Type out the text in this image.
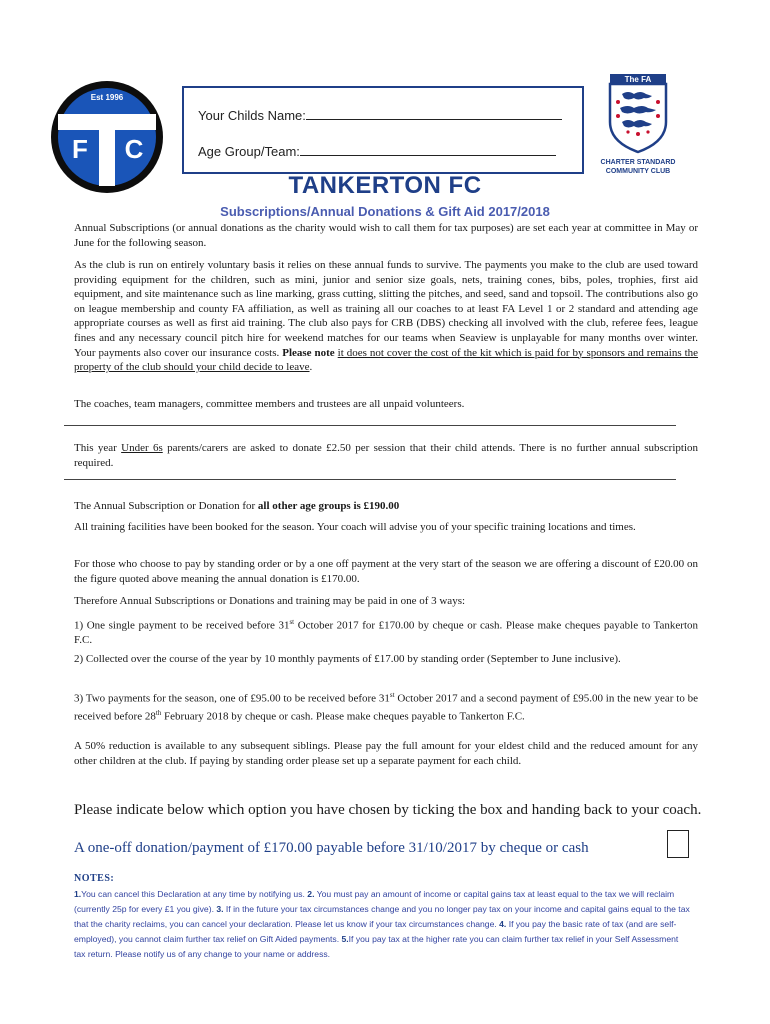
Est 1996
F C
Your Childs Name:
Age Group/Team:
The FA
CHARTER STANDARD
COMMUNITY CLUB
TANKERTON FC
Subscriptions/Annual Donations & Gift Aid 2017/2018
Annual Subscriptions (or annual donations as the charity would wish to call them for tax purposes) are set each year at committee in May or June for the following season.
As the club is run on entirely voluntary basis it relies on these annual funds to survive. The payments you make to the club are used toward providing equipment for the children, such as mini, junior and senior size goals, nets, training cones, bibs, poles, trophies, first aid equipment, and site maintenance such as line marking, grass cutting, slitting the pitches, and seed, sand and topsoil. The contributions also go on league membership and county FA affiliation, as well as training all our coaches to at least FA Level 1 or 2 standard and attending age appropriate courses as well as first aid training. The club also pays for CRB (DBS) checking all involved with the club, referee fees, league fines and any necessary council pitch hire for weekend matches for our teams when Seaview is unplayable for many months over winter. Your payments also cover our insurance costs. Please note it does not cover the cost of the kit which is paid for by sponsors and remains the property of the club should your child decide to leave.
The coaches, team managers, committee members and trustees are all unpaid volunteers.
This year Under 6s parents/carers are asked to donate £2.50 per session that their child attends. There is no further annual subscription required.
The Annual Subscription or Donation for all other age groups is £190.00
All training facilities have been booked for the season. Your coach will advise you of your specific training locations and times.
For those who choose to pay by standing order or by a one off payment at the very start of the season we are offering a discount of £20.00 on the figure quoted above meaning the annual donation is £170.00.
Therefore Annual Subscriptions or Donations and training may be paid in one of 3 ways:
1) One single payment to be received before 31st October 2017 for £170.00 by cheque or cash. Please make cheques payable to Tankerton F.C.
2) Collected over the course of the year by 10 monthly payments of £17.00 by standing order (September to June inclusive).
3) Two payments for the season, one of £95.00 to be received before 31st October 2017 and a second payment of £95.00 in the new year to be received before 28th February 2018 by cheque or cash. Please make cheques payable to Tankerton F.C.
A 50% reduction is available to any subsequent siblings. Please pay the full amount for your eldest child and the reduced amount for any other children at the club. If paying by standing order please set up a separate payment for each child.
Please indicate below which option you have chosen by ticking the box and handing back to your coach.
A one-off donation/payment of £170.00 payable before 31/10/2017 by cheque or cash
NOTES:
1.You can cancel this Declaration at any time by notifying us. 2. You must pay an amount of income or capital gains tax at least equal to the tax we will reclaim (currently 25p for every £1 you give). 3. If in the future your tax circumstances change and you no longer pay tax on your income and capital gains equal to the tax that the charity reclaims, you can cancel your declaration. Please let us know if your tax circumstances change. 4. If you pay the basic rate of tax (and are self-employed), you cannot claim further tax relief on Gift Aided payments. 5.If you pay tax at the higher rate you can claim further tax relief in your Self Assessment tax return. Please notify us of any change to your name or address.
